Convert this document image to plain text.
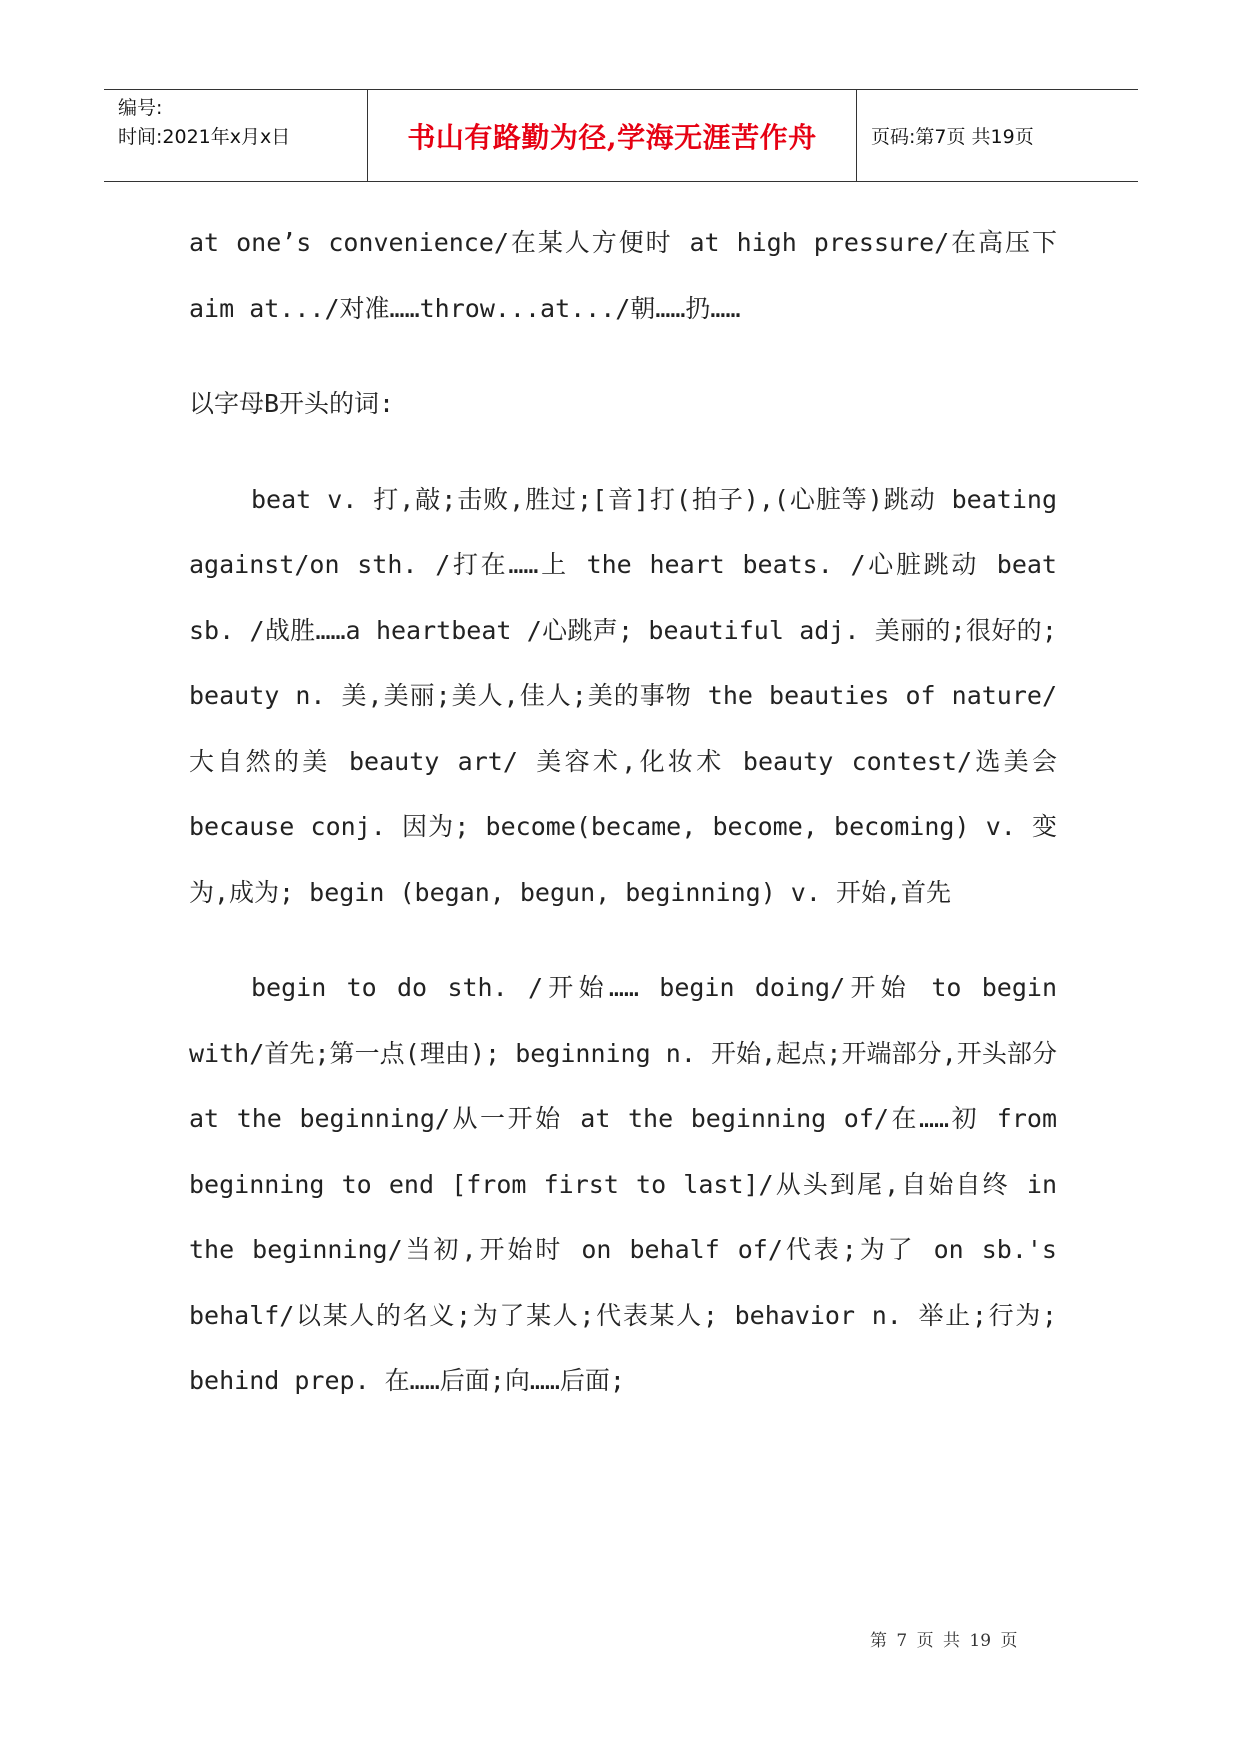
编号:
时间:2021年x月x日	书山有路勤为径,学海无涯苦作舟	页码:第7页 共19页

at one’s convenience/在某人方便时 at high pressure/在高压下 aim at.../对准……throw...at.../朝……扔……

以字母B开头的词:

beat v. 打,敲;击败,胜过;[音]打(拍子),(心脏等)跳动 beating against/on sth. /打在……上 the heart beats. /心脏跳动 beat sb. /战胜……a heartbeat /心跳声; beautiful adj. 美丽的;很好的; beauty n. 美,美丽;美人,佳人;美的事物 the beauties of nature/大自然的美 beauty art/ 美容术,化妆术 beauty contest/选美会 because conj. 因为; become(became, become, becoming) v. 变为,成为; begin (began, begun, beginning) v. 开始,首先

begin to do sth. /开始…… begin doing/开始 to begin with/首先;第一点(理由); beginning n. 开始,起点;开端部分,开头部分 at the beginning/从一开始 at the beginning of/在……初 from beginning to end [from first to last]/从头到尾,自始自终 in the beginning/当初,开始时 on behalf of/代表;为了 on sb.'s behalf/以某人的名义;为了某人;代表某人; behavior n. 举止;行为; behind prep. 在……后面;向……后面;

第 7 页 共 19 页
